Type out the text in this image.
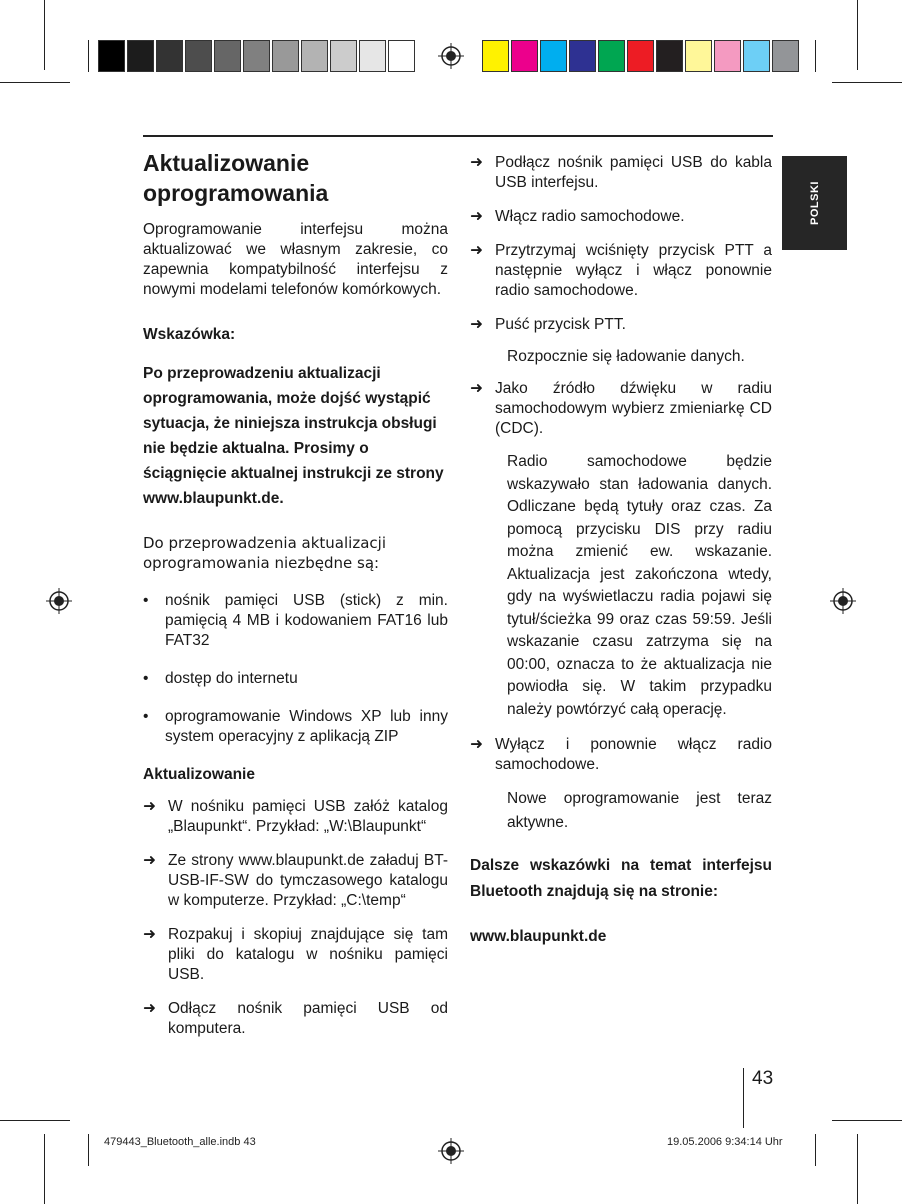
POLSKI
Aktualizowanie
oprogramowania

Oprogramowanie interfejsu można aktualizować we własnym zakresie, co zapewnia kompatybilność interfejsu z nowymi modelami telefonów komórkowych.

Wskazówka:

Po przeprowadzeniu aktualizacji oprogramowania, może dojść wystąpić sytuacja, że niniejsza instrukcja obsługi nie będzie aktualna. Prosimy o ściągnięcie aktualnej instrukcji ze strony www.blaupunkt.de.

Do przeprowadzenia aktualizacji oprogramowania niezbędne są:

• nośnik pamięci USB (stick) z min. pamięcią 4 MB i kodowaniem FAT16 lub FAT32
• dostęp do internetu
• oprogramowanie Windows XP lub inny system operacyjny z aplikacją ZIP

Aktualizowanie

➜ W nośniku pamięci USB załóż katalog „Blaupunkt“. Przykład: „W:\Blaupunkt“
➜ Ze strony www.blaupunkt.de załaduj BT-USB-IF-SW do tymczasowego katalogu w komputerze. Przykład: „C:\temp“
➜ Rozpakuj i skopiuj znajdujące się tam pliki do katalogu w nośniku pamięci USB.
➜ Odłącz nośnik pamięci USB od komputera.
➜ Podłącz nośnik pamięci USB do kabla USB interfejsu.
➜ Włącz radio samochodowe.
➜ Przytrzymaj wciśnięty przycisk PTT a następnie wyłącz i włącz ponownie radio samochodowe.
➜ Puść przycisk PTT.

Rozpocznie się ładowanie danych.

➜ Jako źródło dźwięku w radiu samochodowym wybierz zmieniarkę CD (CDC).

Radio samochodowe będzie wskazywało stan ładowania danych. Odliczane będą tytuły oraz czas. Za pomocą przycisku DIS przy radiu można zmienić ew. wskazanie. Aktualizacja jest zakończona wtedy, gdy na wyświetlaczu radia pojawi się tytuł/ścieżka 99 oraz czas 59:59. Jeśli wskazanie czasu zatrzyma się na 00:00, oznacza to że aktualizacja nie powiodła się. W takim przypadku należy powtórzyć całą operację.

➜ Wyłącz i ponownie włącz radio samochodowe.

Nowe oprogramowanie jest teraz aktywne.

Dalsze wskazówki na temat interfejsu Bluetooth znajdują się na stronie:

www.blaupunkt.de

43
479443_Bluetooth_alle.indb 43	19.05.2006 9:34:14 Uhr
